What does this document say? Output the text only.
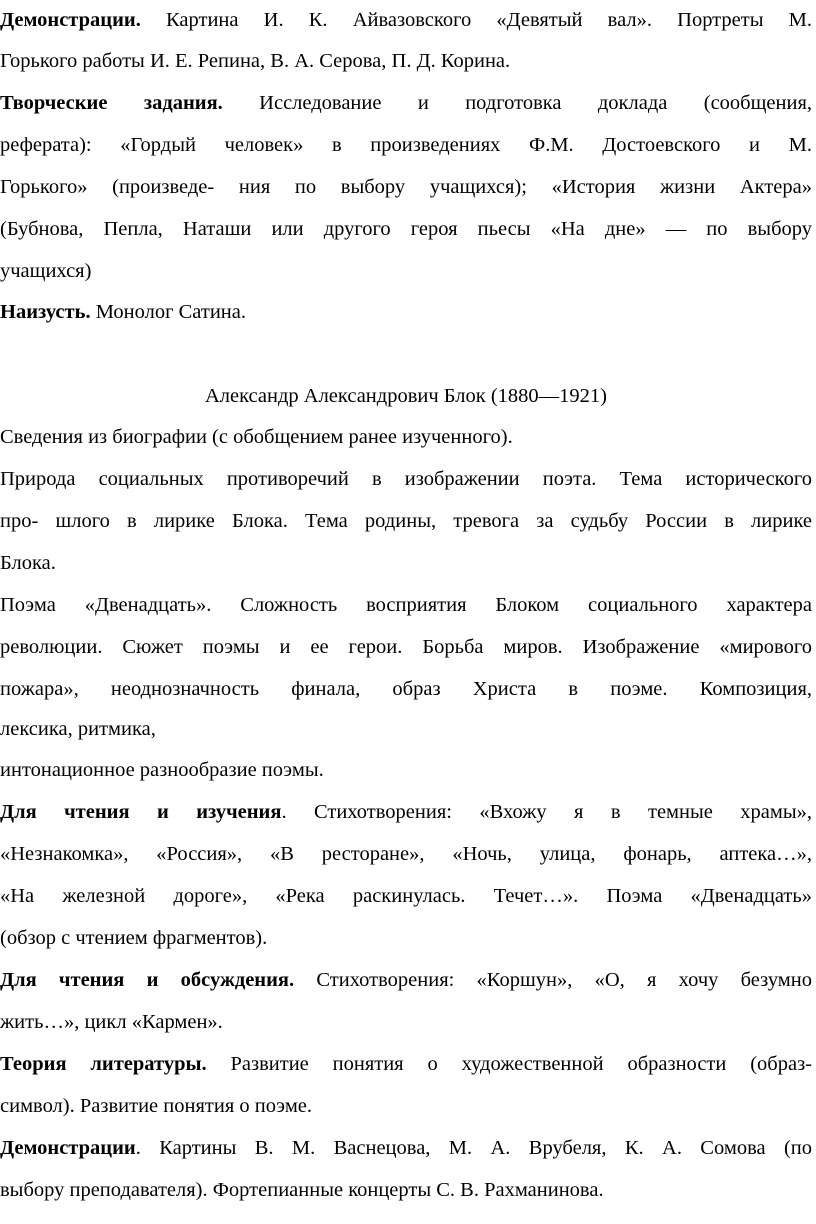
Демонстрации. Картина И. К. Айвазовского «Девятый вал». Портреты М.
Горького работы И. Е. Репина, В. А. Серова, П. Д. Корина.
Творческие задания. Исследование и подготовка доклада (сообщения,
реферата): «Гордый человек» в произведениях Ф.М. Достоевского и М.
Горького» (произведе- ния по выбору учащихся); «История жизни Актера»
(Бубнова, Пепла, Наташи или другого героя пьесы «На дне» — по выбору
учащихся)
Наизусть. Монолог Сатина.
Александр Александрович Блок (1880—1921)
Сведения из биографии (с обобщением ранее изученного).
Природа социальных противоречий в изображении поэта. Тема исторического
про- шлого в лирике Блока. Тема родины, тревога за судьбу России в лирике
Блока.
Поэма «Двенадцать». Сложность восприятия Блоком социального характера
революции. Сюжет поэмы и ее герои. Борьба миров. Изображение «мирового
пожара», неоднозначность финала, образ Христа в поэме. Композиция,
лексика, ритмика,
интонационное разнообразие поэмы.
Для чтения и изучения. Стихотворения: «Вхожу я в темные храмы»,
«Незнакомка», «Россия», «В ресторане», «Ночь, улица, фонарь, аптека…»,
«На железной дороге», «Река раскинулась. Течет…». Поэма «Двенадцать»
(обзор с чтением фрагментов).
Для чтения и обсуждения. Стихотворения: «Коршун», «О, я хочу безумно
жить…», цикл «Кармен».
Теория литературы. Развитие понятия о художественной образности (образ-
символ). Развитие понятия о поэме.
Демонстрации. Картины В. М. Васнецова, М. А. Врубеля, К. А. Сомова (по
выбору преподавателя). Фортепианные концерты С. В. Рахманинова.
